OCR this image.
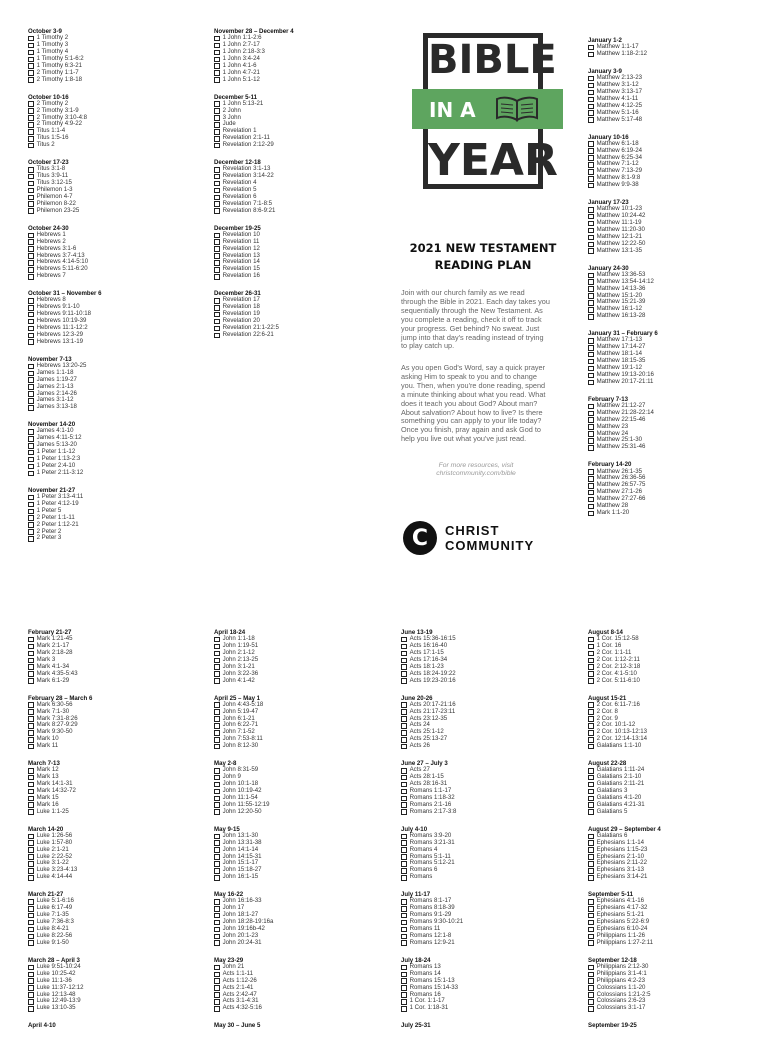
October 3-9
1 Timothy 2
1 Timothy 3
1 Timothy 4
1 Timothy 5:1-6:2
1 Timothy 6:3-21
2 Timothy 1:1-7
2 Timothy 1:8-18
October 10-16
2 Timothy 2
2 Timothy 3:1-9
2 Timothy 3:10-4:8
2 Timothy 4:9-22
Titus 1:1-4
Titus 1:5-16
Titus 2
October 17-23
Titus 3:1-8
Titus 3:9-11
Titus 3:12-15
Philemon 1-3
Philemon 4-7
Philemon 8-22
Philemon 23-25
October 24-30
Hebrews 1
Hebrews 2
Hebrews 3:1-6
Hebrews 3:7-4:13
Hebrews 4:14-5:10
Hebrews 5:11-6:20
Hebrews 7
October 31 – November 6
Hebrews 8
Hebrews 9:1-10
Hebrews 9:11-10:18
Hebrews 10:19-39
Hebrews 11:1-12:2
Hebrews 12:3-29
Hebrews 13:1-19
November 7-13
Hebrews 13:20-25
James 1:1-18
James 1:19-27
James 2:1-13
James 2:14-26
James 3:1-12
James 3:13-18
November 14-20
James 4:1-10
James 4:11-5:12
James 5:13-20
1 Peter 1:1-12
1 Peter 1:13-2:3
1 Peter 2:4-10
1 Peter 2:11-3:12
November 21-27
1 Peter 3:13-4:11
1 Peter 4:12-19
1 Peter 5
2 Peter 1:1-11
2 Peter 1:12-21
2 Peter 2
2 Peter 3
November 28 – December 4
1 John 1:1-2:6
1 John 2:7-17
1 John 2:18-3:3
1 John 3:4-24
1 John 4:1-6
1 John 4:7-21
1 John 5:1-12
December 5-11
1 John 5:13-21
2 John
3 John
Jude
Revelation 1
Revelation 2:1-11
Revelation 2:12-29
December 12-18
Revelation 3:1-13
Revelation 3:14-22
Revelation 4
Revelation 5
Revelation 6
Revelation 7:1-8:5
Revelation 8:6-9:21
December 19-25
Revelation 10
Revelation 11
Revelation 12
Revelation 13
Revelation 14
Revelation 15
Revelation 16
December 26-31
Revelation 17
Revelation 18
Revelation 19
Revelation 20
Revelation 21:1-22:5
Revelation 22:6-21
January 1-2
Matthew 1:1-17
Matthew 1:18-2:12
January 3-9
Matthew 2:13-23
Matthew 3:1-12
Matthew 3:13-17
Matthew 4:1-11
Matthew 4:12-25
Matthew 5:1-16
Matthew 5:17-48
January 10-16
Matthew 6:1-18
Matthew 6:19-24
Matthew 6:25-34
Matthew 7:1-12
Matthew 7:13-29
Matthew 8:1-9:8
Matthew 9:9-38
January 17-23
Matthew 10:1-23
Matthew 10:24-42
Matthew 11:1-19
Matthew 11:20-30
Matthew 12:1-21
Matthew 12:22-50
Matthew 13:1-35
January 24-30
Matthew 13:36-53
Matthew 13:54-14:12
Matthew 14:13-36
Matthew 15:1-20
Matthew 15:21-39
Matthew 16:1-12
Matthew 16:13-28
January 31 – February 6
Matthew 17:1-13
Matthew 17:14-27
Matthew 18:1-14
Matthew 18:15-35
Matthew 19:1-12
Matthew 19:13-20:16
Matthew 20:17-21:11
February 7-13
Matthew 21:12-27
Matthew 21:28-22:14
Matthew 22:15-46
Matthew 23
Matthew 24
Matthew 25:1-30
Matthew 25:31-46
February 14-20
Matthew 26:1-35
Matthew 26:36-56
Matthew 26:57-75
Matthew 27:1-26
Matthew 27:27-66
Matthew 28
Mark 1:1-20
February 21-27
Mark 1:21-45
Mark 2:1-17
Mark 2:18-28
Mark 3
Mark 4:1-34
Mark 4:35-5:43
Mark 6:1-29
February 28 – March 6
Mark 6:30-56
Mark 7:1-30
Mark 7:31-8:26
Mark 8:27-9:29
Mark 9:30-50
Mark 10
Mark 11
March 7-13
Mark 12
Mark 13
Mark 14:1-31
Mark 14:32-72
Mark 15
Mark 16
Luke 1:1-25
March 14-20
Luke 1:26-56
Luke 1:57-80
Luke 2:1-21
Luke 2:22-52
Luke 3:1-22
Luke 3:23-4:13
Luke 4:14-44
March 21-27
Luke 5:1-6:16
Luke 6:17-49
Luke 7:1-35
Luke 7:36-8:3
Luke 8:4-21
Luke 8:22-56
Luke 9:1-50
March 28 – April 3
Luke 9:51-10:24
Luke 10:25-42
Luke 11:1-36
Luke 11:37-12:12
Luke 12:13-48
Luke 12:49-13:9
Luke 13:10-35
April 4-10
April 18-24
John 1:1-18
John 1:19-51
John 2:1-12
John 2:13-25
John 3:1-21
John 3:22-36
John 4:1-42
April 25 – May 1
John 4:43-5:18
John 5:19-47
John 6:1-21
John 6:22-71
John 7:1-52
John 7:53-8:11
John 8:12-30
May 2-8
John 8:31-59
John 9
John 10:1-18
John 10:19-42
John 11:1-54
John 11:55-12:19
John 12:20-50
May 9-15
John 13:1-30
John 13:31-38
John 14:1-14
John 14:15-31
John 15:1-17
John 15:18-27
John 16:1-15
May 16-22
John 16:16-33
John 17
John 18:1-27
John 18:28-19:16a
John 19:16b-42
John 20:1-23
John 20:24-31
May 23-29
John 21
Acts 1:1-11
Acts 1:12-26
Acts 2:1-41
Acts 2:42-47
Acts 3:1-4:31
Acts 4:32-5:16
May 30 – June 5
June 13-19
Acts 15:36-16:15
Acts 16:16-40
Acts 17:1-15
Acts 17:16-34
Acts 18:1-23
Acts 18:24-19:22
Acts 19:23-20:16
June 20-26
Acts 20:17-21:16
Acts 21:17-23:11
Acts 23:12-35
Acts 24
Acts 25:1-12
Acts 25:13-27
Acts 26
June 27 – July 3
Acts 27
Acts 28:1-15
Acts 28:16-31
Romans 1:1-17
Romans 1:18-32
Romans 2:1-16
Romans 2:17-3:8
July 4-10
Romans 3:9-20
Romans 3:21-31
Romans 4
Romans 5:1-11
Romans 5:12-21
Romans 6
Romans
July 11-17
Romans 8:1-17
Romans 8:18-39
Romans 9:1-29
Romans 9:30-10:21
Romans 11
Romans 12:1-8
Romans 12:9-21
July 18-24
Romans 13
Romans 14
Romans 15:1-13
Romans 15:14-33
Romans 16
1 Cor. 1:1-17
1 Cor. 1:18-31
July 25-31
August 8-14
1 Cor. 15:12-58
1 Cor. 16
2 Cor. 1:1-11
2 Cor. 1:12-2:11
2 Cor. 2:12-3:18
2 Cor. 4:1-5:10
2 Cor. 5:11-6:10
August 15-21
2 Cor. 6:11-7:16
2 Cor. 8
2 Cor. 9
2 Cor. 10:1-12
2 Cor. 10:13-12:13
2 Cor. 12:14-13:14
Galatians 1:1-10
August 22-28
Galatians 1:11-24
Galatians 2:1-10
Galatians 2:11-21
Galatians 3
Galatians 4:1-20
Galatians 4:21-31
Galatians 5
August 29 – September 4
Galatians 6
Ephesians 1:1-14
Ephesians 1:15-23
Ephesians 2:1-10
Ephesians 2:11-22
Ephesians 3:1-13
Ephesians 3:14-21
September 5-11
Ephesians 4:1-16
Ephesians 4:17-32
Ephesians 5:1-21
Ephesians 5:22-6:9
Ephesians 6:10-24
Philippians 1:1-26
Philippians 1:27-2:11
September 12-18
Philippians 2:12-30
Philippians 3:1-4:1
Philippians 4:2-23
Colossians 1:1-20
Colossians 1:21-2:5
Colossians 2:6-23
Colossians 3:1-17
September 19-25
BIBLE
IN A
YEAR
2021 NEW TESTAMENT
READING PLAN
Join with our church family as we read through the Bible in 2021. Each day takes you sequentially through the New Testament. As you complete a reading, check it off to track your progress. Get behind? No sweat. Just jump into that day's reading instead of trying to play catch up.
As you open God's Word, say a quick prayer asking Him to speak to you and to change you. Then, when you're done reading, spend a minute thinking about what you read. What does it teach you about God? About man? About salvation? About how to live? Is there something you can apply to your life today? Once you finish, pray again and ask God to help you live out what you've just read.
For more resources, visit
christcommunity.com/bible
C	CHRIST
COMMUNITY
